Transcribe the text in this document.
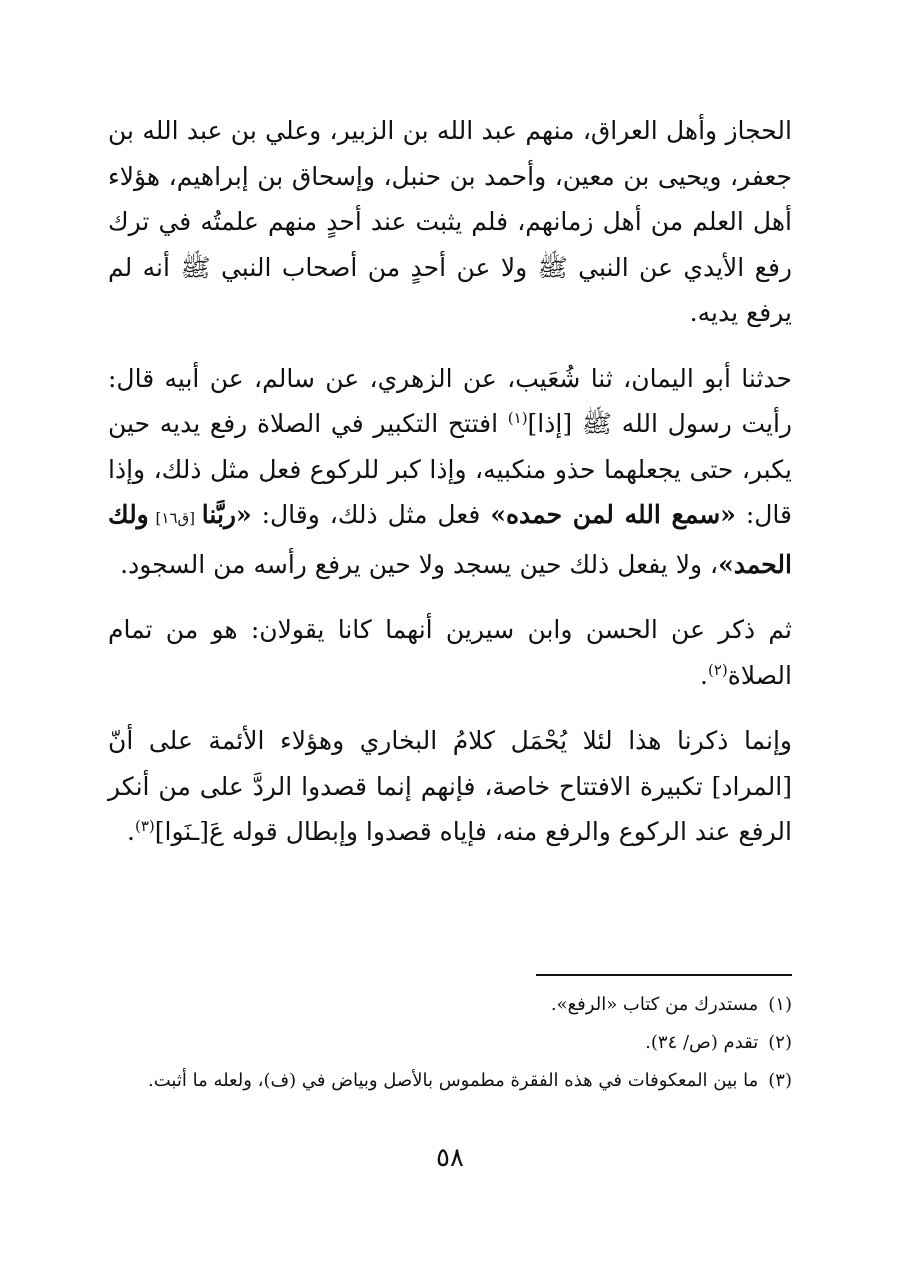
الحجاز وأهل العراق، منهم عبد الله بن الزبير، وعلي بن عبد الله بن جعفر، ويحيى بن معين، وأحمد بن حنبل، وإسحاق بن إبراهيم، هؤلاء أهل العلم من أهل زمانهم، فلم يثبت عند أحدٍ منهم علمتُه في ترك رفع الأيدي عن النبي ﷺ ولا عن أحدٍ من أصحاب النبي ﷺ أنه لم يرفع يديه.

حدثنا أبو اليمان، ثنا شُعَيب، عن الزهري، عن سالم، عن أبيه قال: رأيت رسول الله ﷺ [إذا]$^{(١)}$ افتتح التكبير في الصلاة رفع يديه حين يكبر، حتى يجعلهما حذو منكبيه، وإذا كبر للركوع فعل مثل ذلك، وإذا قال: «سمع الله لمن حمده» فعل مثل ذلك، وقال: «ربَّنا [ق١٦] ولك الحمد»، ولا يفعل ذلك حين يسجد ولا حين يرفع رأسه من السجود.

ثم ذكر عن الحسن وابن سيرين أنهما كانا يقولان: هو من تمام الصلاة$^{(٢)}$.

وإنما ذكرنا هذا لئلا يُحْمَل كلامُ البخاري وهؤلاء الأئمة على أنّ [المراد] تكبيرة الافتتاح خاصة، فإنهم إنما قصدوا الردَّ على من أنكر الرفع عند الركوع والرفع منه، فإياه قصدوا وإبطال قوله عَ[ـنَوا]$^{(٣)}$.

(١)مستدرك من كتاب «الرفع».

(٢)تقدم (ص/ ٣٤).

(٣)ما بين المعكوفات في هذه الفقرة مطموس بالأصل وبياض في (ف)، ولعله ما أثبت.

٥٨
